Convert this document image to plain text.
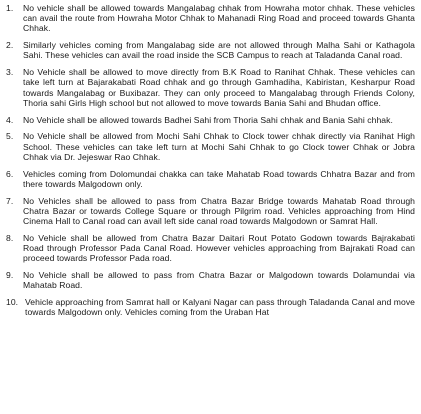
1.	No vehicle shall be allowed towards Mangalabag chhak from Howraha motor chhak. These vehicles can avail the route from Howraha Motor Chhak to Mahanadi Ring Road and proceed towards Ghanta Chhak.
2.	Similarly vehicles coming from Mangalabag side are not allowed through Malha Sahi or Kathagola Sahi. These vehicles can avail the road inside the SCB Campus to reach at Taladanda Canal road.
3.	No Vehicle shall be allowed to move directly from B.K Road to Ranihat Chhak. These vehicles can take left turn at Bajarakabati Road chhak and go through Gamhadiha, Kabiristan, Kesharpur Road towards Mangalabag or Buxibazar. They can only proceed to Mangalabag through Friends Colony, Thoria sahi Girls High school but not allowed to move towards Bania Sahi and Bhudan office.
4.	No Vehicle shall be allowed towards Badhei Sahi from Thoria Sahi chhak and Bania Sahi chhak.
5.	No Vehicle shall be allowed from Mochi Sahi Chhak to Clock tower chhak directly via Ranihat High School. These vehicles can take left turn at Mochi Sahi Chhak to go Clock tower Chhak or Jobra Chhak via Dr. Jejeswar Rao Chhak.
6.	Vehicles coming from Dolomundai chakka can take Mahatab Road towards Chhatra Bazar and from there towards Malgodown only.
7.	No Vehicles shall be allowed to pass from Chatra Bazar Bridge towards Mahatab Road through Chatra Bazar or towards College Square or through Pilgrim road. Vehicles approaching from Hind Cinema Hall to Canal road can avail left side canal road towards Malgodown or Samrat Hall.
8.	No Vehicle shall be allowed from Chatra Bazar Daitari Rout Potato Godown towards Bajrakabati Road through Professor Pada Canal Road. However vehicles approaching from Bajrakati Road can proceed towards Professor Pada road.
9.	No Vehicle shall be allowed to pass from Chatra Bazar or Malgodown towards Dolamundai via Mahatab Road.
10. Vehicle approaching from Samrat hall or Kalyani Nagar can pass through Taladanda Canal and move towards Malgodown only. Vehicles coming from the Uraban Hat
